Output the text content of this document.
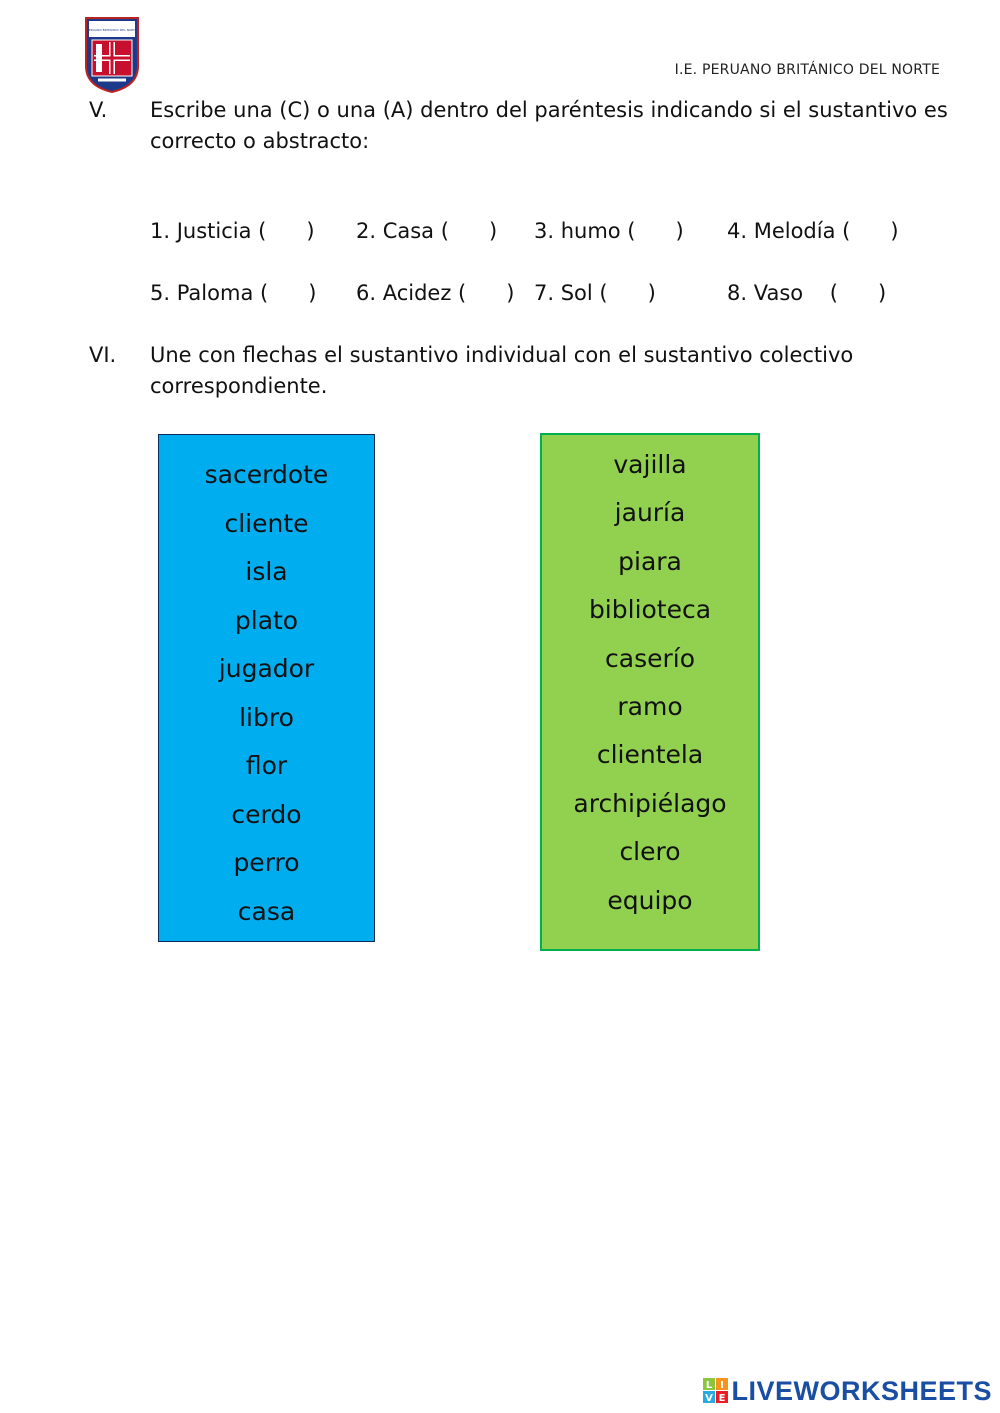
PERUANO BRITÁNICO DEL NORTE
I.E. PERUANO BRITÁNICO DEL NORTE
V. Escribe una (C) o una (A) dentro del paréntesis indicando si el sustantivo es
correcto o abstracto:
1. Justicia (      ) 2. Casa (      ) 3. humo (      ) 4. Melodía (      )
5. Paloma (      ) 6. Acidez (      ) 7. Sol (      )	8. Vaso    (      )
VI. Une con flechas el sustantivo individual con el sustantivo colectivo
correspondiente.
sacerdote
cliente
isla
plato
jugador
libro
flor
cerdo
perro
casa
vajilla
jauría
piara
biblioteca
caserío
ramo
clientela
archipiélago
clero
equipo
L I
V E LIVEWORKSHEETS
